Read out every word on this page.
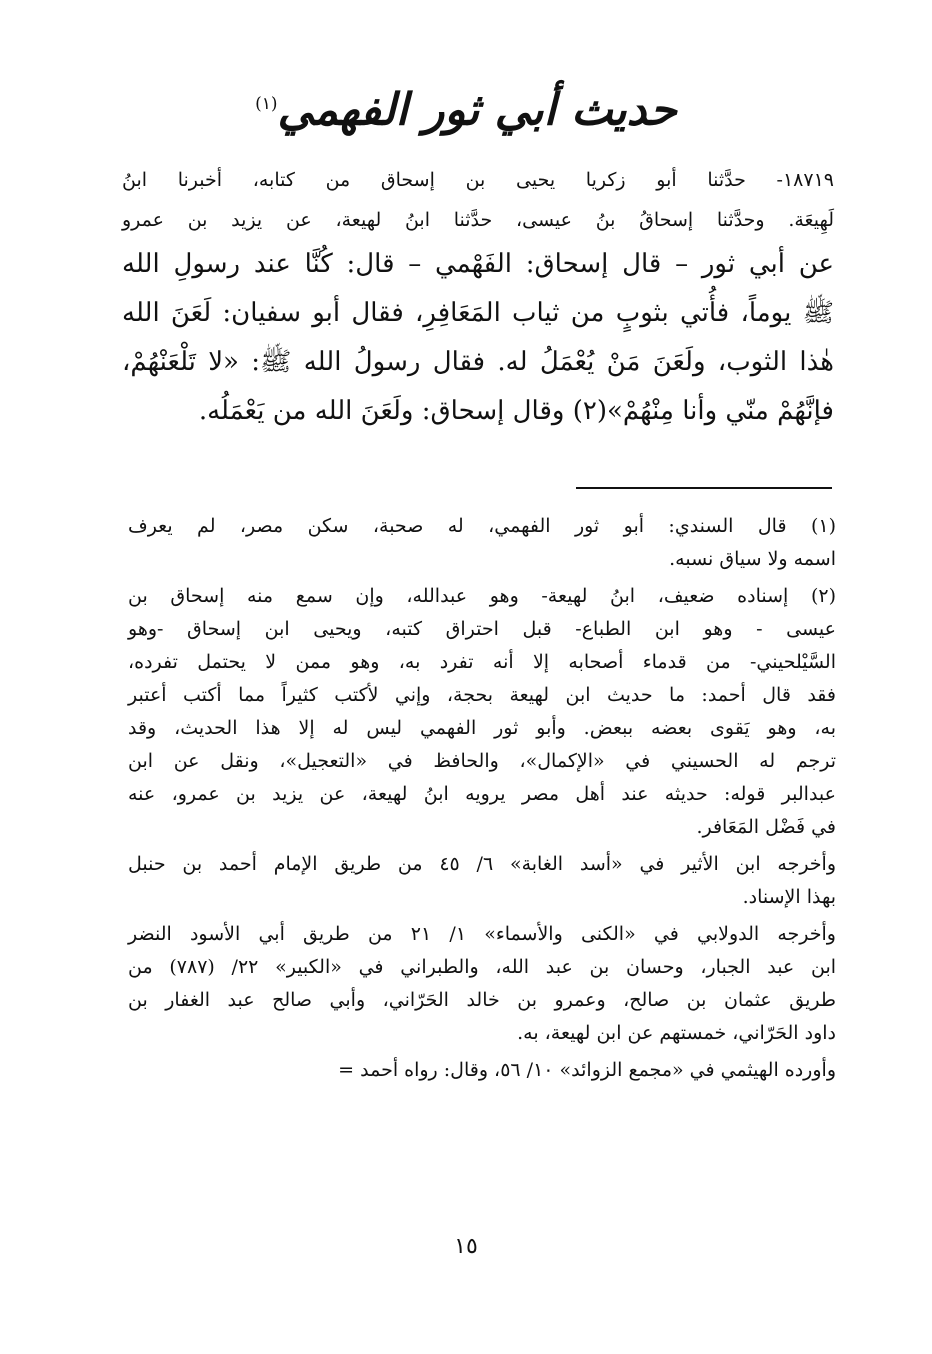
حديث أبي ثور الفهمي$^{(١)}$
١٨٧١٩- حدَّثنا أبو زكريا يحيى بن إسحاق من كتابه، أخبرنا ابنُ
لَهِيعَة. وحدَّثنا إسحاقُ بنُ عيسى، حدَّثنا ابنُ لهيعة، عن يزيد بن عمرو
عن أبي ثور – قال إسحاق: الفَهْمي – قال: كُنَّا عند رسولِ الله
ﷺ يوماً، فأُتي بثوبٍ من ثياب المَعَافِرِ، فقال أبو سفيان: لَعَنَ الله
هٰذا الثوب، ولَعَنَ مَنْ يُعْمَلُ له. فقال رسولُ الله ﷺ: «لا تَلْعَنْهُمْ،
فإنَّهُمْ منّي وأنا مِنْهُمْ»(٢) وقال إسحاق: ولَعَنَ الله من يَعْمَلُه.
(١) قال السندي: أبو ثور الفهمي، له صحبة، سكن مصر، لم يعرف
اسمه ولا سياق نسبه.
(٢) إسناده ضعيف، ابنُ لهيعة- وهو عبدالله، وإن سمع منه إسحاق بن
عيسى - وهو ابن الطباع- قبل احتراق كتبه، ويحيى ابن إسحاق -وهو
السَّيْلحيني- من قدماء أصحابه إلا أنه تفرد به، وهو ممن لا يحتمل تفرده،
فقد قال أحمد: ما حديث ابن لهيعة بحجة، وإني لأكتب كثيراً مما أكتب أعتبر
به، وهو يَقوى بعضه ببعض. وأبو ثور الفهمي ليس له إلا هذا الحديث، وقد
ترجم له الحسيني في «الإكمال»، والحافظ في «التعجيل»، ونقل عن ابن
عبدالبر قوله: حديثه عند أهل مصر يرويه ابنُ لهيعة، عن يزيد بن عمرو، عنه
في فَضْل المَعَافر.
وأخرجه ابن الأثير في «أسد الغابة» ٦/ ٤٥ من طريق الإمام أحمد بن حنبل
بهذا الإسناد.
وأخرجه الدولابي في «الكنى والأسماء» ١/ ٢١ من طريق أبي الأسود النضر
ابن عبد الجبار، وحسان بن عبد الله، والطبراني في «الكبير» ٢٢/ (٧٨٧) من
طريق عثمان بن صالح، وعمرو بن خالد الحَرّاني، وأبي صالح عبد الغفار بن
داود الحَرّاني، خمستهم عن ابن لهيعة، به.
وأورده الهيثمي في «مجمع الزوائد» ١٠/ ٥٦، وقال: رواه أحمد =
١٥
